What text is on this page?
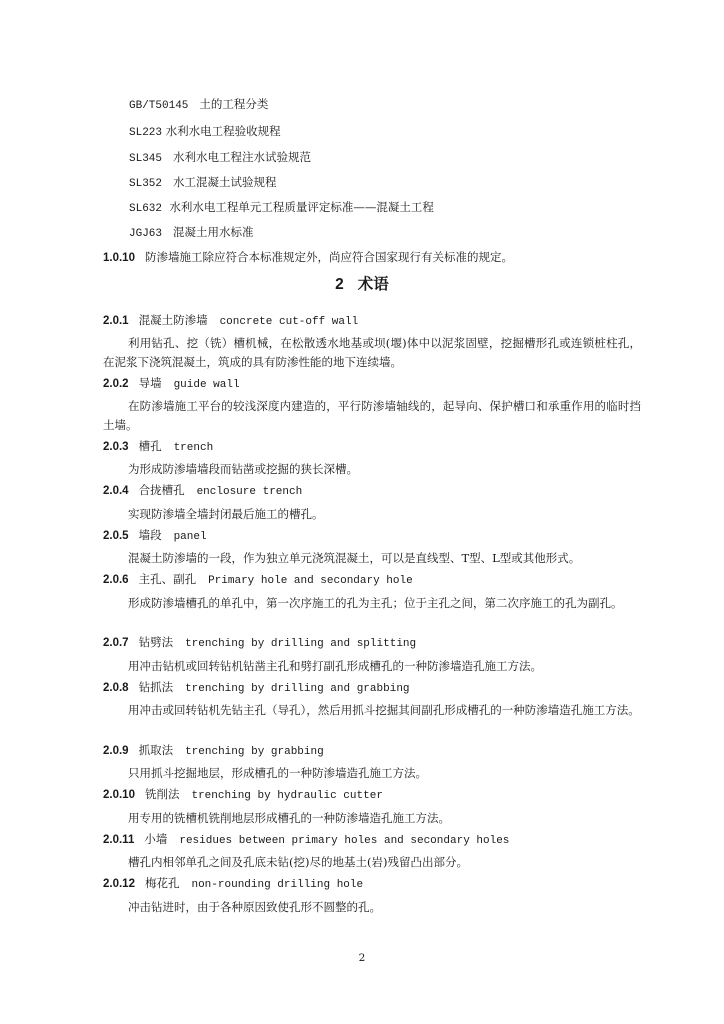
GB/T50145 土的工程分类
SL223 水利水电工程验收规程
SL345 水利水电工程注水试验规范
SL352 水工混凝土试验规程
SL632 水利水电工程单元工程质量评定标准——混凝土工程
JGJ63 混凝土用水标准
1.0.10 防渗墙施工除应符合本标准规定外，尚应符合国家现行有关标准的规定。
2 术语
2.0.1 混凝土防渗墙 concrete cut-off wall
利用钻孔、挖（铣）槽机械，在松散透水地基或坝(堰)体中以泥浆固壁，挖掘槽形孔或连锁桩柱孔，在泥浆下浇筑混凝土，筑成的具有防渗性能的地下连续墙。
2.0.2 导墙 guide wall
在防渗墙施工平台的较浅深度内建造的，平行防渗墙轴线的，起导向、保护槽口和承重作用的临时挡土墙。
2.0.3 槽孔 trench
为形成防渗墙墙段而钻凿或挖掘的狭长深槽。
2.0.4 合拢槽孔 enclosure trench
实现防渗墙全墙封闭最后施工的槽孔。
2.0.5 墙段 panel
混凝土防渗墙的一段，作为独立单元浇筑混凝土，可以是直线型、T型、L型或其他形式。
2.0.6 主孔、副孔 Primary hole and secondary hole
形成防渗墙槽孔的单孔中，第一次序施工的孔为主孔；位于主孔之间，第二次序施工的孔为副孔。
2.0.7 钻劈法 trenching by drilling and splitting
用冲击钻机或回转钻机钻凿主孔和劈打副孔形成槽孔的一种防渗墙造孔施工方法。
2.0.8 钻抓法 trenching by drilling and grabbing
用冲击或回转钻机先钻主孔（导孔），然后用抓斗挖掘其间副孔形成槽孔的一种防渗墙造孔施工方法。
2.0.9 抓取法 trenching by grabbing
只用抓斗挖掘地层，形成槽孔的一种防渗墙造孔施工方法。
2.0.10 铣削法 trenching by hydraulic cutter
用专用的铣槽机铣削地层形成槽孔的一种防渗墙造孔施工方法。
2.0.11 小墙 residues between primary holes and secondary holes
槽孔内相邻单孔之间及孔底未钻(挖)尽的地基土(岩)残留凸出部分。
2.0.12 梅花孔 non-rounding drilling hole
冲击钻进时，由于各种原因致使孔形不圆整的孔。
2
